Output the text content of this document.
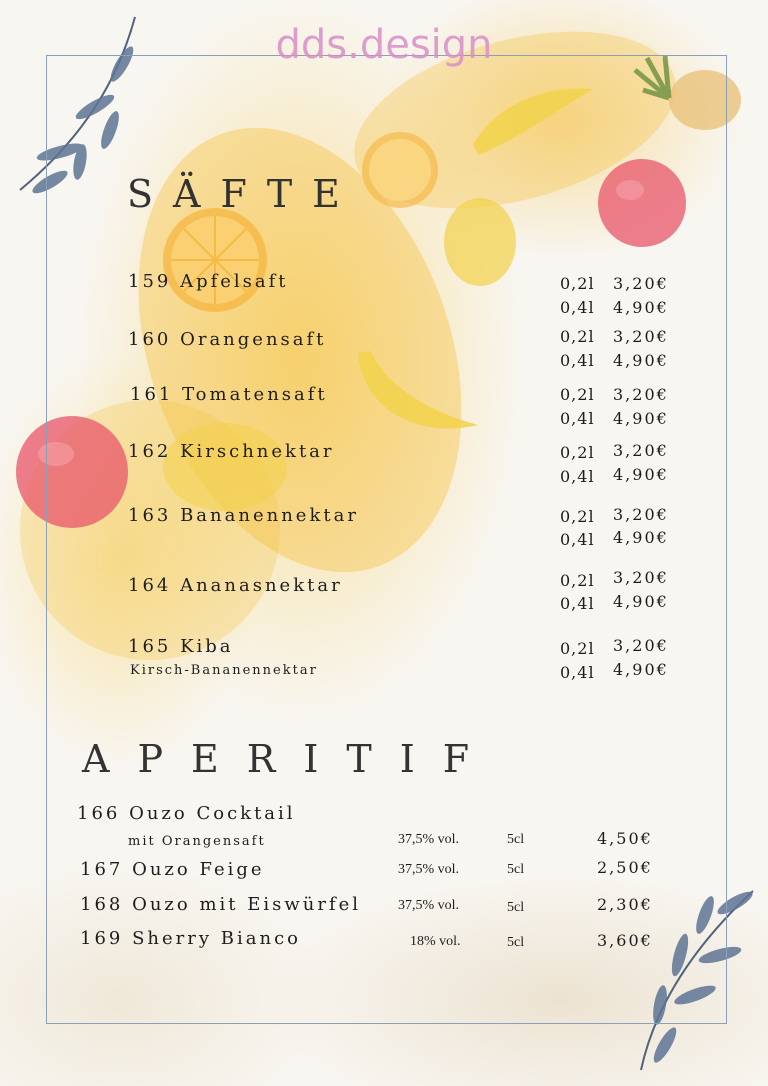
dds.design
SÄFTE
159 Apfelsaft	0,2l 3,20€
0,4l 4,90€
160 Orangensaft	0,2l 3,20€
0,4l 4,90€
161 Tomatensaft	0,2l 3,20€
0,4l 4,90€
162 Kirschnektar	0,2l 3,20€
0,4l 4,90€
163 Bananennektar	0,2l 3,20€
0,4l 4,90€
164 Ananasnektar	0,2l 3,20€
0,4l 4,90€
165 Kiba
Kirsch-Bananennektar
0,2l 3,20€
0,4l 4,90€
APERITIF
166 Ouzo Cocktail
mit Orangensaft	37,5% vol.	5cl	4,50€
167 Ouzo Feige	37,5% vol.	5cl	2,50€
168 Ouzo mit Eiswürfel	37,5% vol.	5cl	2,30€
169 Sherry Bianco	18% vol.	5cl	3,60€
